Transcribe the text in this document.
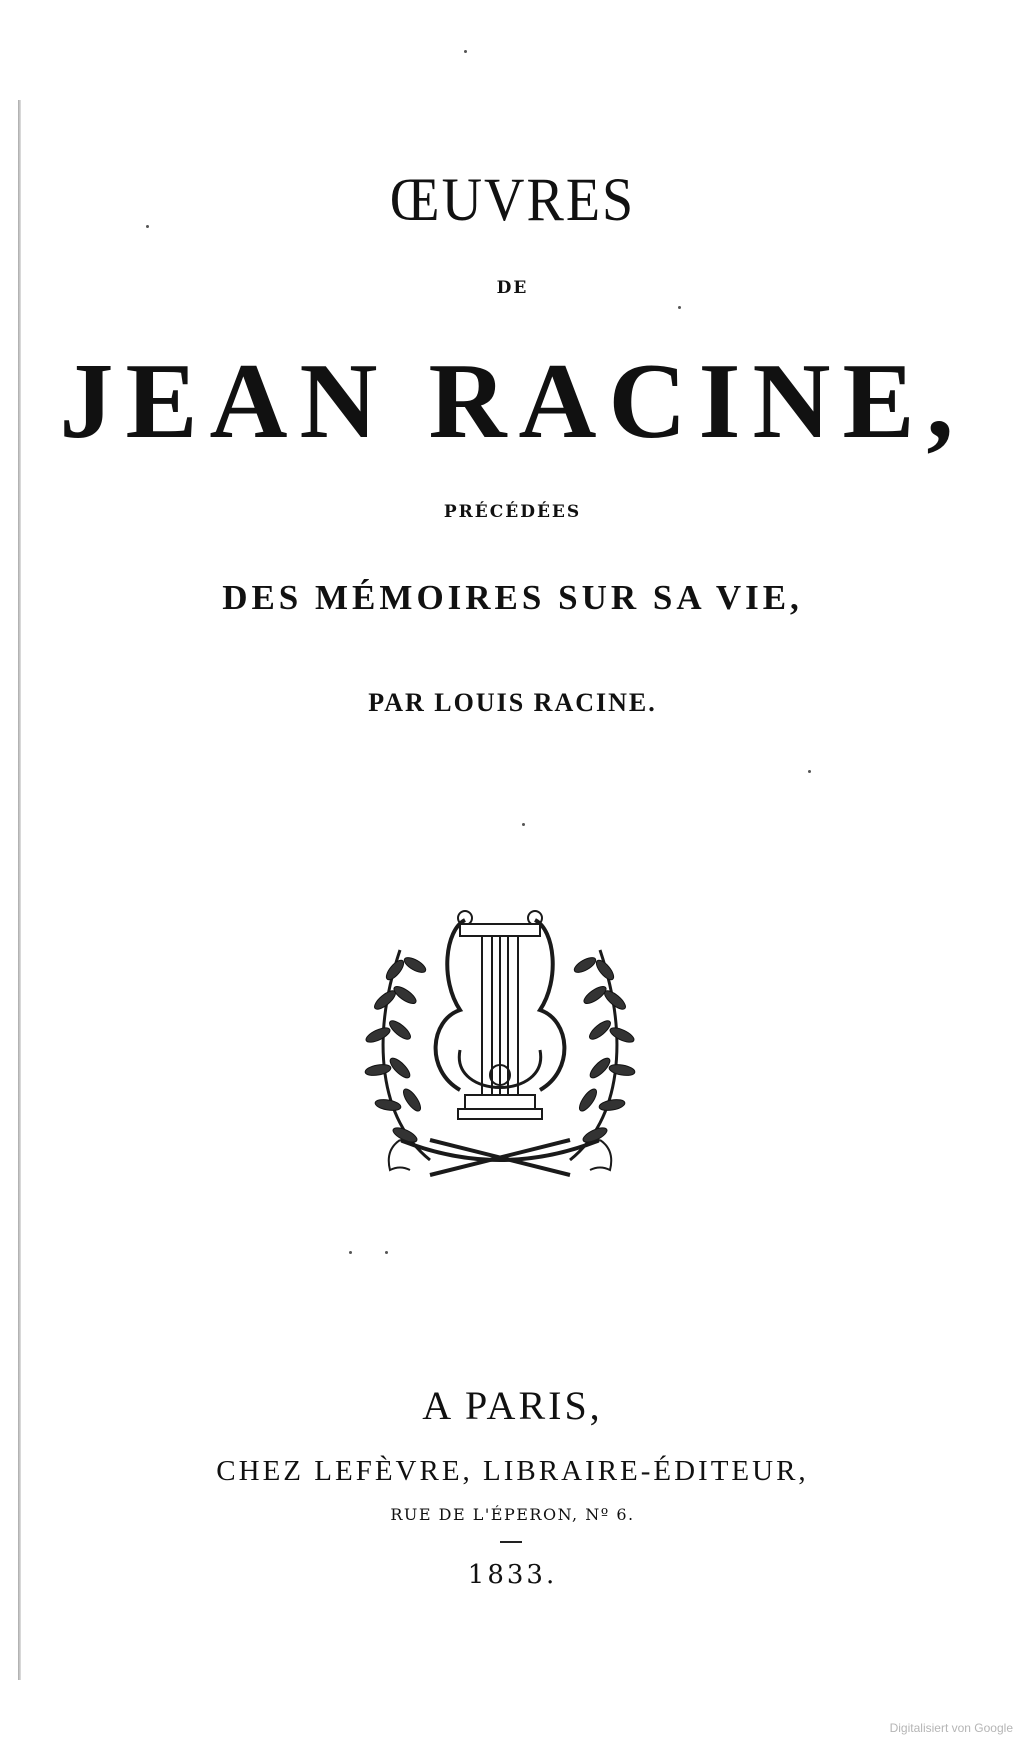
ŒUVRES
DE
JEAN RACINE,
PRÉCÉDÉES
DES MÉMOIRES SUR SA VIE,
PAR LOUIS RACINE.
A PARIS,
CHEZ LEFÈVRE, LIBRAIRE-ÉDITEUR,
RUE DE L'ÉPERON, Nº 6.
1833.
Digitalisiert von Google
